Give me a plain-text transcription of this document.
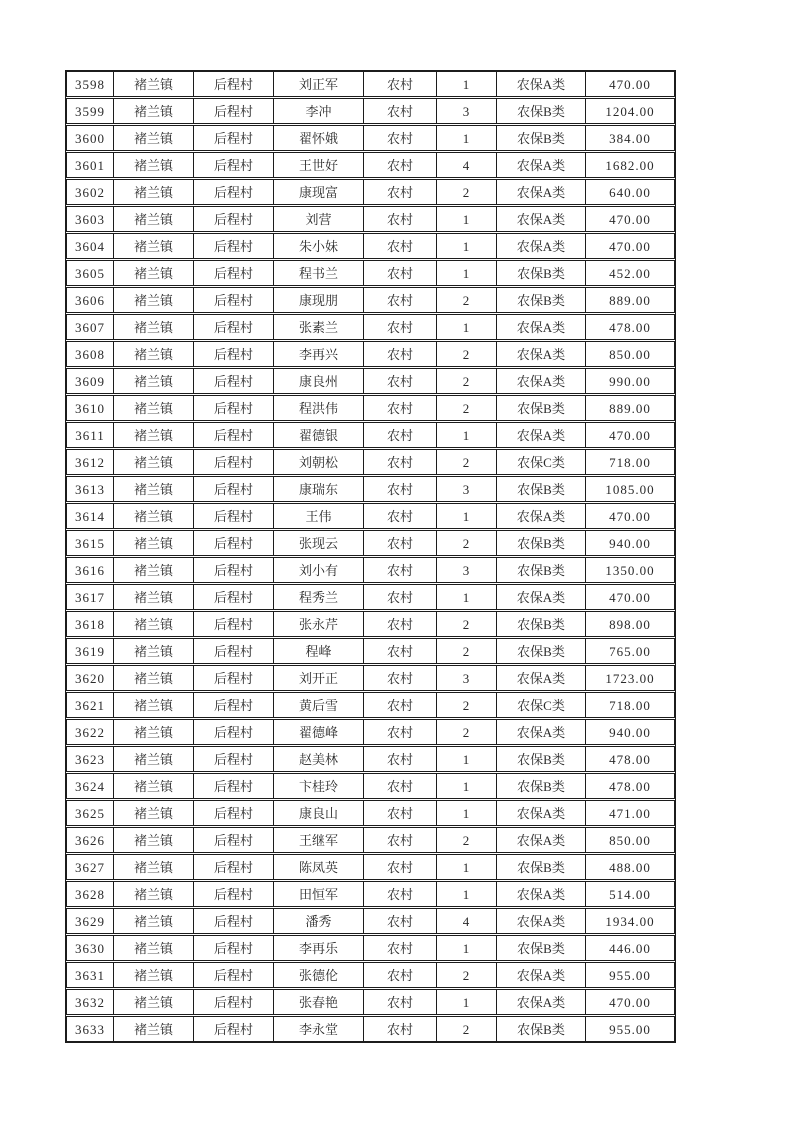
3598	褚兰镇	后程村	刘正军	农村	1	农保A类	470.00
3599	褚兰镇	后程村	李冲	农村	3	农保B类	1204.00
3600	褚兰镇	后程村	翟怀娥	农村	1	农保B类	384.00
3601	褚兰镇	后程村	王世好	农村	4	农保A类	1682.00
3602	褚兰镇	后程村	康现富	农村	2	农保A类	640.00
3603	褚兰镇	后程村	刘营	农村	1	农保A类	470.00
3604	褚兰镇	后程村	朱小妹	农村	1	农保A类	470.00
3605	褚兰镇	后程村	程书兰	农村	1	农保B类	452.00
3606	褚兰镇	后程村	康现朋	农村	2	农保B类	889.00
3607	褚兰镇	后程村	张素兰	农村	1	农保A类	478.00
3608	褚兰镇	后程村	李再兴	农村	2	农保A类	850.00
3609	褚兰镇	后程村	康良州	农村	2	农保A类	990.00
3610	褚兰镇	后程村	程洪伟	农村	2	农保B类	889.00
3611	褚兰镇	后程村	翟德银	农村	1	农保A类	470.00
3612	褚兰镇	后程村	刘朝松	农村	2	农保C类	718.00
3613	褚兰镇	后程村	康瑞东	农村	3	农保B类	1085.00
3614	褚兰镇	后程村	王伟	农村	1	农保A类	470.00
3615	褚兰镇	后程村	张现云	农村	2	农保B类	940.00
3616	褚兰镇	后程村	刘小有	农村	3	农保B类	1350.00
3617	褚兰镇	后程村	程秀兰	农村	1	农保A类	470.00
3618	褚兰镇	后程村	张永芹	农村	2	农保B类	898.00
3619	褚兰镇	后程村	程峰	农村	2	农保B类	765.00
3620	褚兰镇	后程村	刘开正	农村	3	农保A类	1723.00
3621	褚兰镇	后程村	黄后雪	农村	2	农保C类	718.00
3622	褚兰镇	后程村	翟德峰	农村	2	农保A类	940.00
3623	褚兰镇	后程村	赵美林	农村	1	农保B类	478.00
3624	褚兰镇	后程村	卞桂玲	农村	1	农保B类	478.00
3625	褚兰镇	后程村	康良山	农村	1	农保A类	471.00
3626	褚兰镇	后程村	王继军	农村	2	农保A类	850.00
3627	褚兰镇	后程村	陈凤英	农村	1	农保B类	488.00
3628	褚兰镇	后程村	田恒军	农村	1	农保A类	514.00
3629	褚兰镇	后程村	潘秀	农村	4	农保A类	1934.00
3630	褚兰镇	后程村	李再乐	农村	1	农保B类	446.00
3631	褚兰镇	后程村	张德伦	农村	2	农保A类	955.00
3632	褚兰镇	后程村	张春艳	农村	1	农保A类	470.00
3633	褚兰镇	后程村	李永堂	农村	2	农保B类	955.00
